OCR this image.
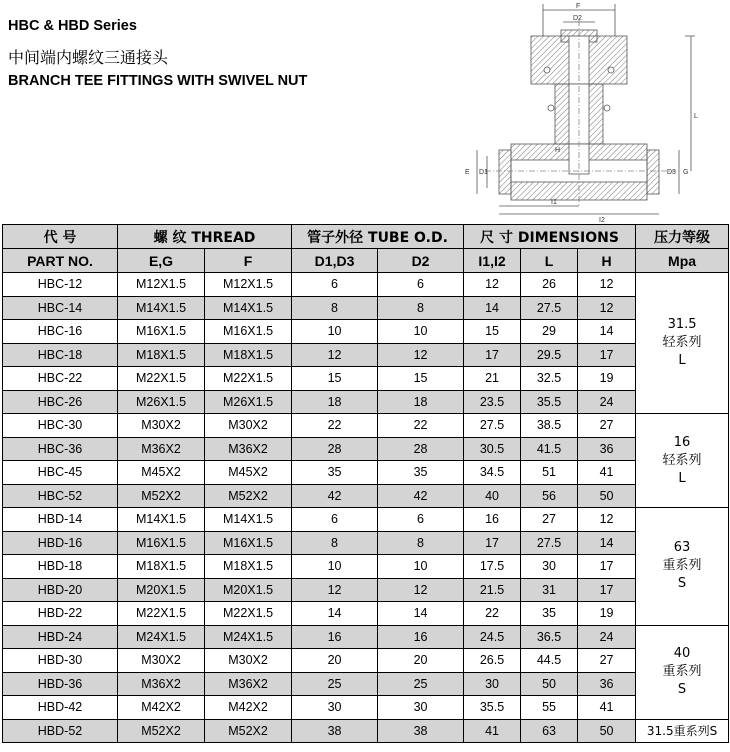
HBC & HBD Series
中间端内螺纹三通接头
BRANCH TEE FITTINGS WITH SWIVEL NUT
F
D2
L
H
E D1	D3 G
I1
I2
代 号	螺 纹 THREAD		管子外径 TUBE O.D.		尺 寸 DIMENSIONS			压力等级
PART NO.	E,G	F	D1,D3	D2	I1,I2	L	H	Mpa
HBC-12	M12X1.5	M12X1.5	6	6	12	26	12	31.5
轻系列
L

HBC-14	M14X1.5	M14X1.5	8	8	14	27.5	12	
HBC-16	M16X1.5	M16X1.5	10	10	15	29	14	
HBC-18	M18X1.5	M18X1.5	12	12	17	29.5	17	
HBC-22	M22X1.5	M22X1.5	15	15	21	32.5	19	
HBC-26	M26X1.5	M26X1.5	18	18	23.5	35.5	24	
HBC-30	M30X2	M30X2	22	22	27.5	38.5	27	16
轻系列
L

HBC-36	M36X2	M36X2	28	28	30.5	41.5	36	
HBC-45	M45X2	M45X2	35	35	34.5	51	41	
HBC-52	M52X2	M52X2	42	42	40	56	50	
HBD-14	M14X1.5	M14X1.5	6	6	16	27	12	63
重系列
S

HBD-16	M16X1.5	M16X1.5	8	8	17	27.5	14	
HBD-18	M18X1.5	M18X1.5	10	10	17.5	30	17	
HBD-20	M20X1.5	M20X1.5	12	12	21.5	31	17	
HBD-22	M22X1.5	M22X1.5	14	14	22	35	19	
HBD-24	M24X1.5	M24X1.5	16	16	24.5	36.5	24	40
重系列
S

HBD-30	M30X2	M30X2	20	20	26.5	44.5	27	
HBD-36	M36X2	M36X2	25	25	30	50	36	
HBD-42	M42X2	M42X2	30	30	35.5	55	41	
HBD-52	M52X2	M52X2	38	38	41	63	50	31.5重系列S
